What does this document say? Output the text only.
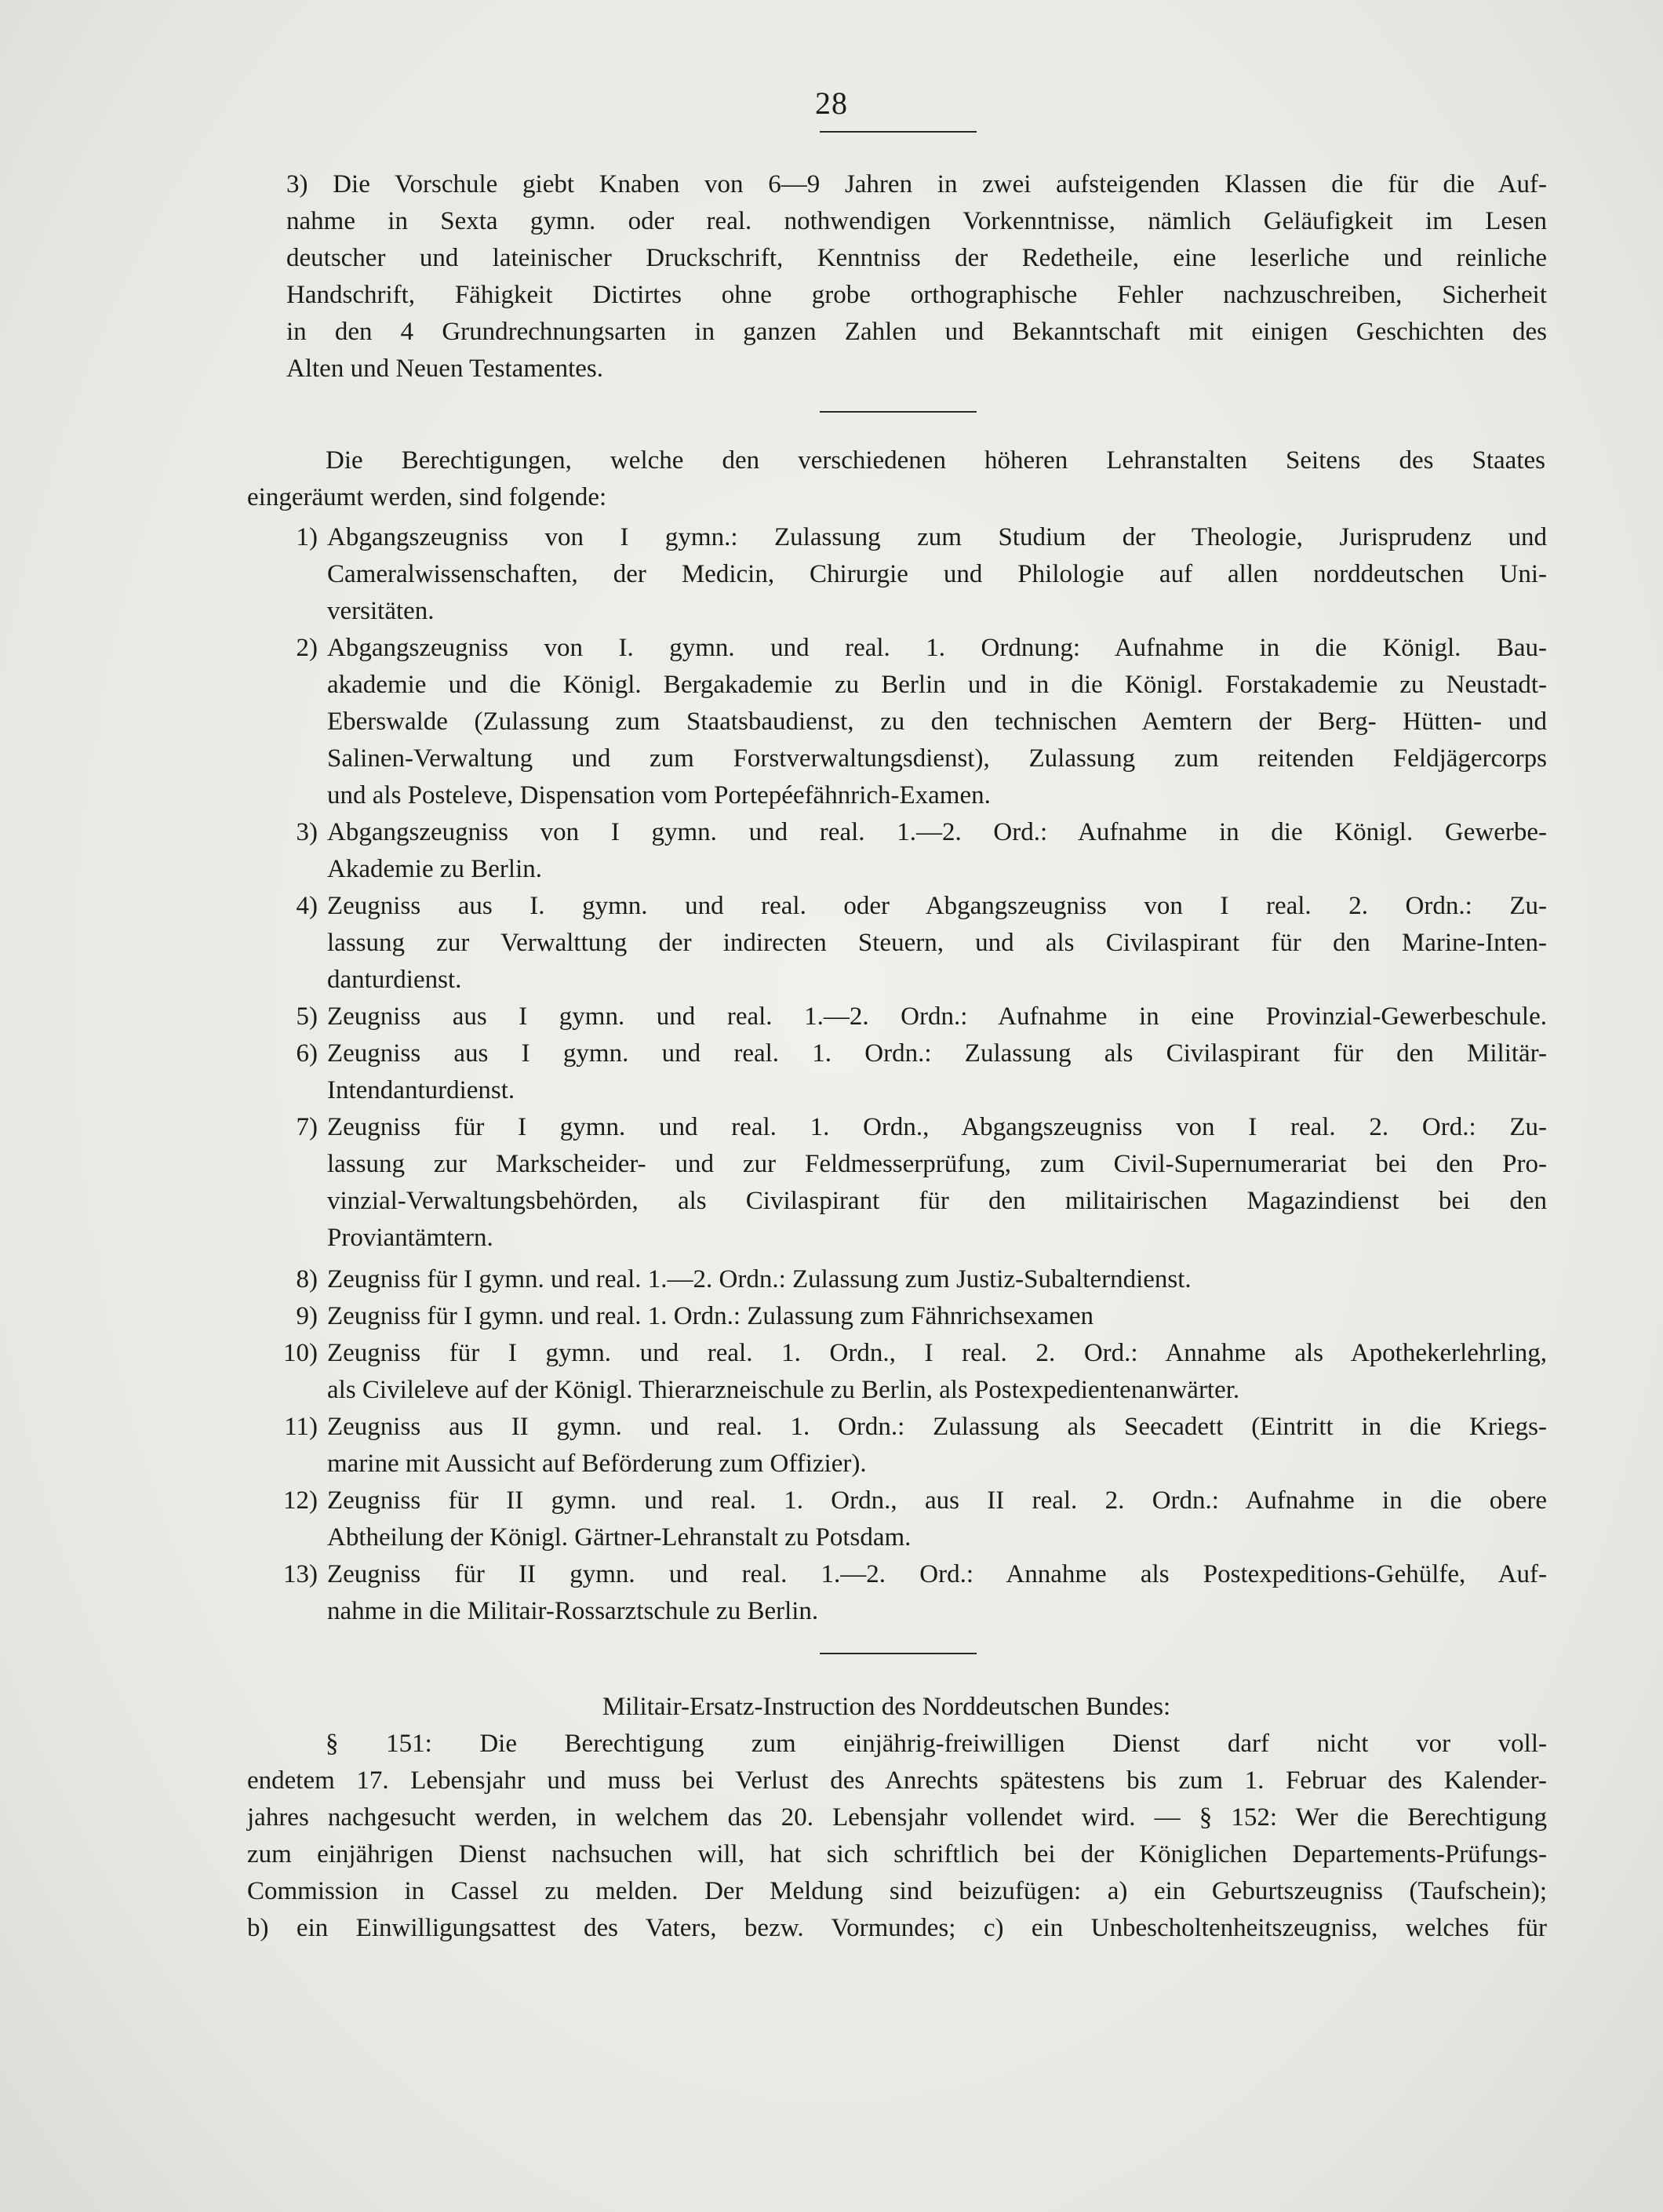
28
3) Die Vorschule giebt Knaben von 6—9 Jahren in zwei aufsteigenden Klassen die für die Auf-
nahme in Sexta gymn. oder real. nothwendigen Vorkenntnisse, nämlich Geläufigkeit im Lesen
deutscher und lateinischer Druckschrift, Kenntniss der Redetheile, eine leserliche und reinliche
Handschrift, Fähigkeit Dictirtes ohne grobe orthographische Fehler nachzuschreiben, Sicherheit
in den 4 Grundrechnungsarten in ganzen Zahlen und Bekanntschaft mit einigen Geschichten des
Alten und Neuen Testamentes.
Die Berechtigungen, welche den verschiedenen höheren Lehranstalten Seitens des Staates
eingeräumt werden, sind folgende:
1) Abgangszeugniss von I gymn.: Zulassung zum Studium der Theologie, Jurisprudenz und
Cameralwissenschaften, der Medicin, Chirurgie und Philologie auf allen norddeutschen Uni-
versitäten.
2) Abgangszeugniss von I. gymn. und real. 1. Ordnung: Aufnahme in die Königl. Bau-
akademie und die Königl. Bergakademie zu Berlin und in die Königl. Forstakademie zu Neustadt-
Eberswalde (Zulassung zum Staatsbaudienst, zu den technischen Aemtern der Berg- Hütten- und
Salinen-Verwaltung und zum Forstverwaltungsdienst), Zulassung zum reitenden Feldjägercorps
und als Posteleve, Dispensation vom Portepéefähnrich-Examen.
3) Abgangszeugniss von I gymn. und real. 1.—2. Ord.: Aufnahme in die Königl. Gewerbe-
Akademie zu Berlin.
4) Zeugniss aus I. gymn. und real. oder Abgangszeugniss von I real. 2. Ordn.: Zu-
lassung zur Verwalttung der indirecten Steuern, und als Civilaspirant für den Marine-Inten-
danturdienst.
5) Zeugniss aus I gymn. und real. 1.—2. Ordn.: Aufnahme in eine Provinzial-Gewerbeschule.
6) Zeugniss aus I gymn. und real. 1. Ordn.: Zulassung als Civilaspirant für den Militär-
Intendanturdienst.
7) Zeugniss für I gymn. und real. 1. Ordn., Abgangszeugniss von I real. 2. Ord.: Zu-
lassung zur Markscheider- und zur Feldmesserprüfung, zum Civil-Supernumerariat bei den Pro-
vinzial-Verwaltungsbehörden, als Civilaspirant für den militairischen Magazindienst bei den
Proviantämtern.
8) Zeugniss für I gymn. und real. 1.—2. Ordn.: Zulassung zum Justiz-Subalterndienst.
9) Zeugniss für I gymn. und real. 1. Ordn.: Zulassung zum Fähnrichsexamen
10) Zeugniss für I gymn. und real. 1. Ordn., I real. 2. Ord.: Annahme als Apothekerlehrling,
als Civileleve auf der Königl. Thierarzneischule zu Berlin, als Postexpedientenanwärter.
11) Zeugniss aus II gymn. und real. 1. Ordn.: Zulassung als Seecadett (Eintritt in die Kriegs-
marine mit Aussicht auf Beförderung zum Offizier).
12) Zeugniss für II gymn. und real. 1. Ordn., aus II real. 2. Ordn.: Aufnahme in die obere
Abtheilung der Königl. Gärtner-Lehranstalt zu Potsdam.
13) Zeugniss für II gymn. und real. 1.—2. Ord.: Annahme als Postexpeditions-Gehülfe, Auf-
nahme in die Militair-Rossarztschule zu Berlin.
Militair-Ersatz-Instruction des Norddeutschen Bundes:
§ 151: Die Berechtigung zum einjährig-freiwilligen Dienst darf nicht vor voll-
endetem 17. Lebensjahr und muss bei Verlust des Anrechts spätestens bis zum 1. Februar des Kalender-
jahres nachgesucht werden, in welchem das 20. Lebensjahr vollendet wird. — § 152: Wer die Berechtigung
zum einjährigen Dienst nachsuchen will, hat sich schriftlich bei der Königlichen Departements-Prüfungs-
Commission in Cassel zu melden. Der Meldung sind beizufügen: a) ein Geburtszeugniss (Taufschein);
b) ein Einwilligungsattest des Vaters, bezw. Vormundes; c) ein Unbescholtenheitszeugniss, welches für
